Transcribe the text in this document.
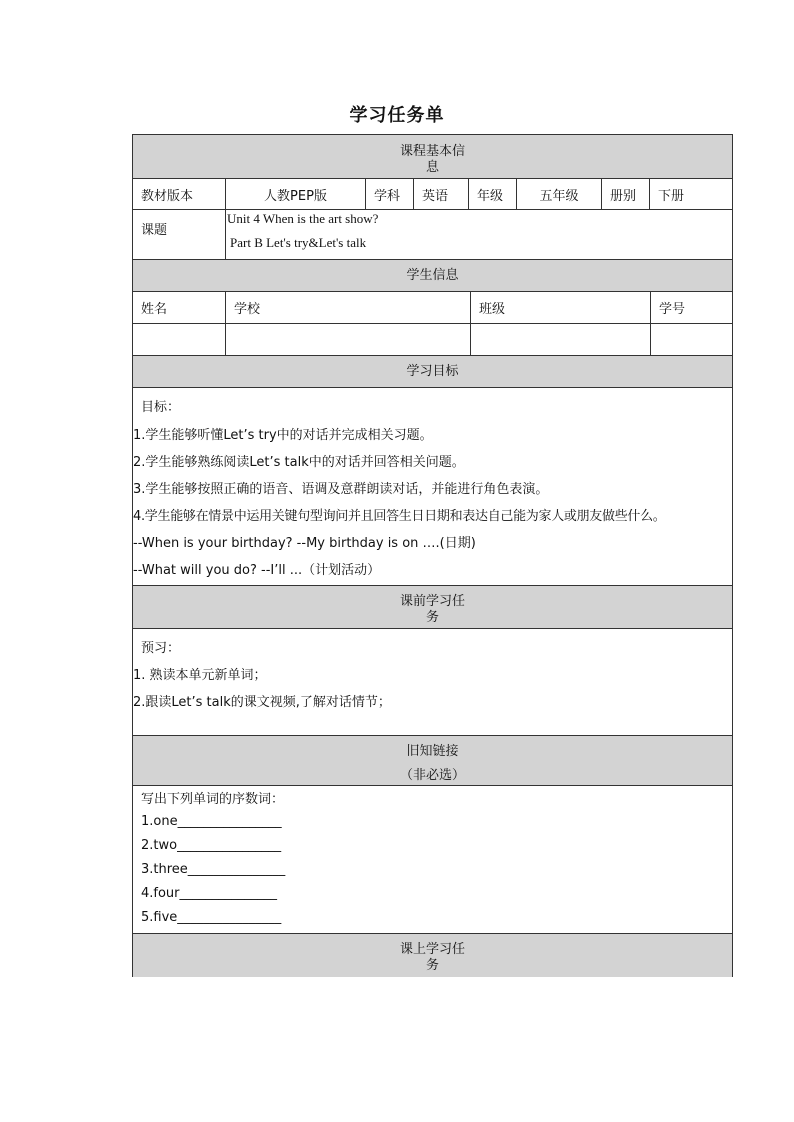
学习任务单
课程基本信
息
教材版本	人教PEP版	学科	英语	年级	五年级	册别	下册
课题
Unit 4 When is the art show?
Part B Let's try&Let's talk
学生信息
姓名	学校	班级	学号
学习目标
目标：
1.学生能够听懂Let’s try中的对话并完成相关习题。
2.学生能够熟练阅读Let’s talk中的对话并回答相关问题。
3.学生能够按照正确的语音、语调及意群朗读对话，并能进行角色表演。
4.学生能够在情景中运用关键句型询问并且回答生日日期和表达自己能为家人或朋友做些什么。
--When is your birthday? --My birthday is on ….(日期)
--What will you do? --I’ll ...（计划活动）
课前学习任
务
预习：
1. 熟读本单元新单词；
2.跟读Let’s talk的课文视频,了解对话情节；
旧知链接
（非必选）
写出下列单词的序数词：
1.one________________
2.two________________
3.three_______________
4.four_______________
5.five________________
课上学习任
务
